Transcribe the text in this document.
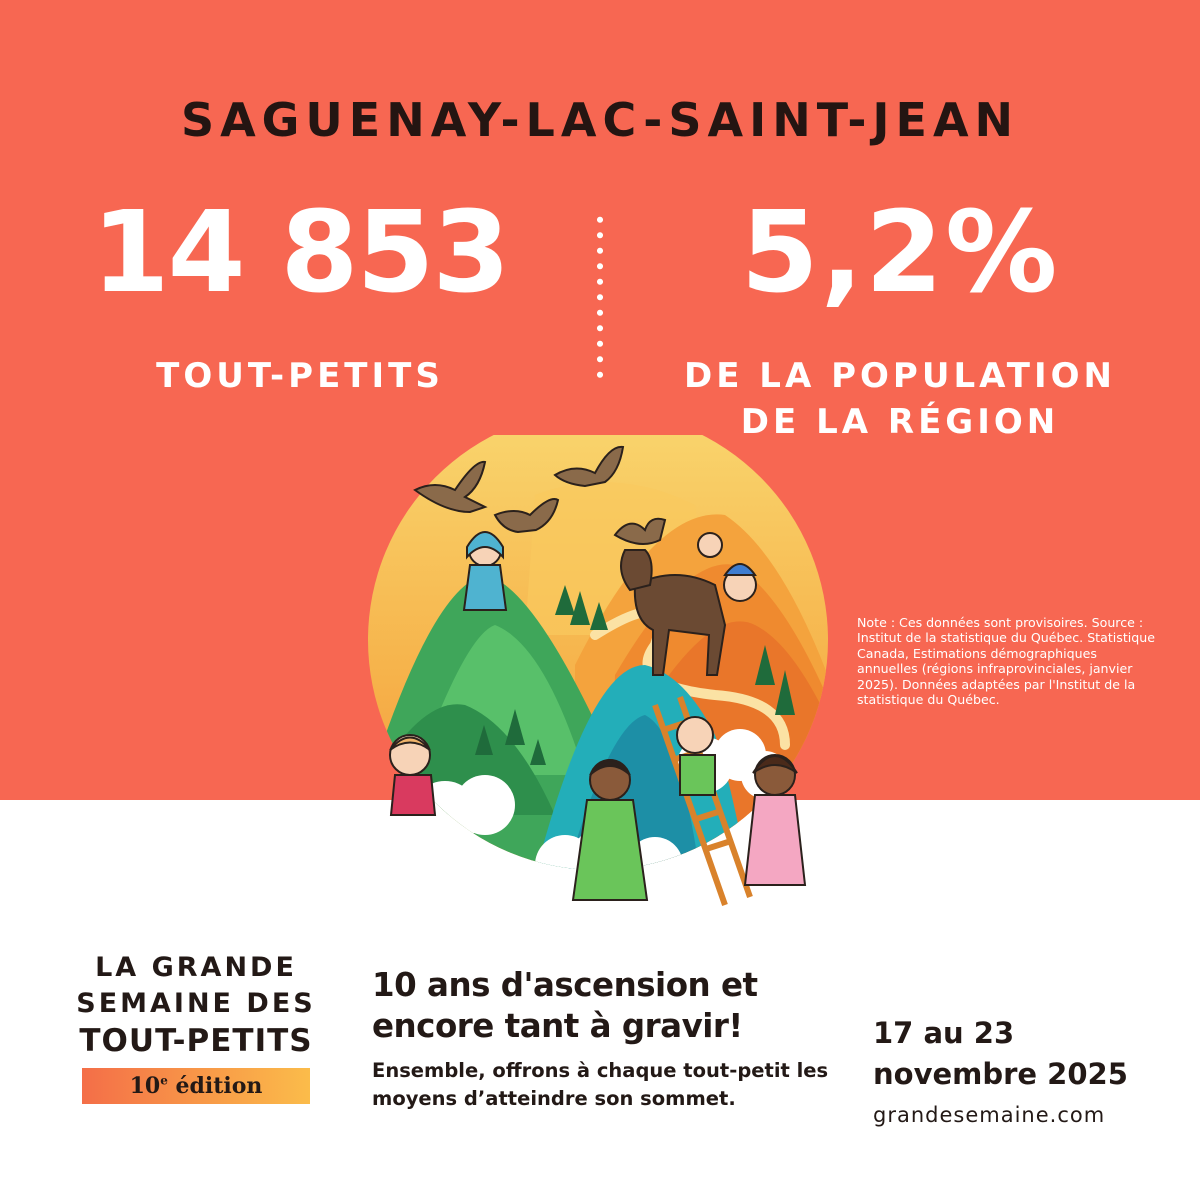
SAGUENAY-LAC-SAINT-JEAN
14 853
TOUT-PETITS
5,2%
DE LA POPULATION
DE LA RÉGION
Note : Ces données sont provisoires. Source : Institut de la statistique du Québec. Statistique Canada, Estimations démographiques annuelles (régions infraprovinciales, janvier 2025). Données adaptées par l'Institut de la statistique du Québec.
LA GRANDE
SEMAINE DES
TOUT-PETITS
10e édition
10 ans d'ascension et encore tant à gravir!
Ensemble, offrons à chaque tout-petit les moyens d’atteindre son sommet.
17 au 23
novembre 2025
grandesemaine.com
